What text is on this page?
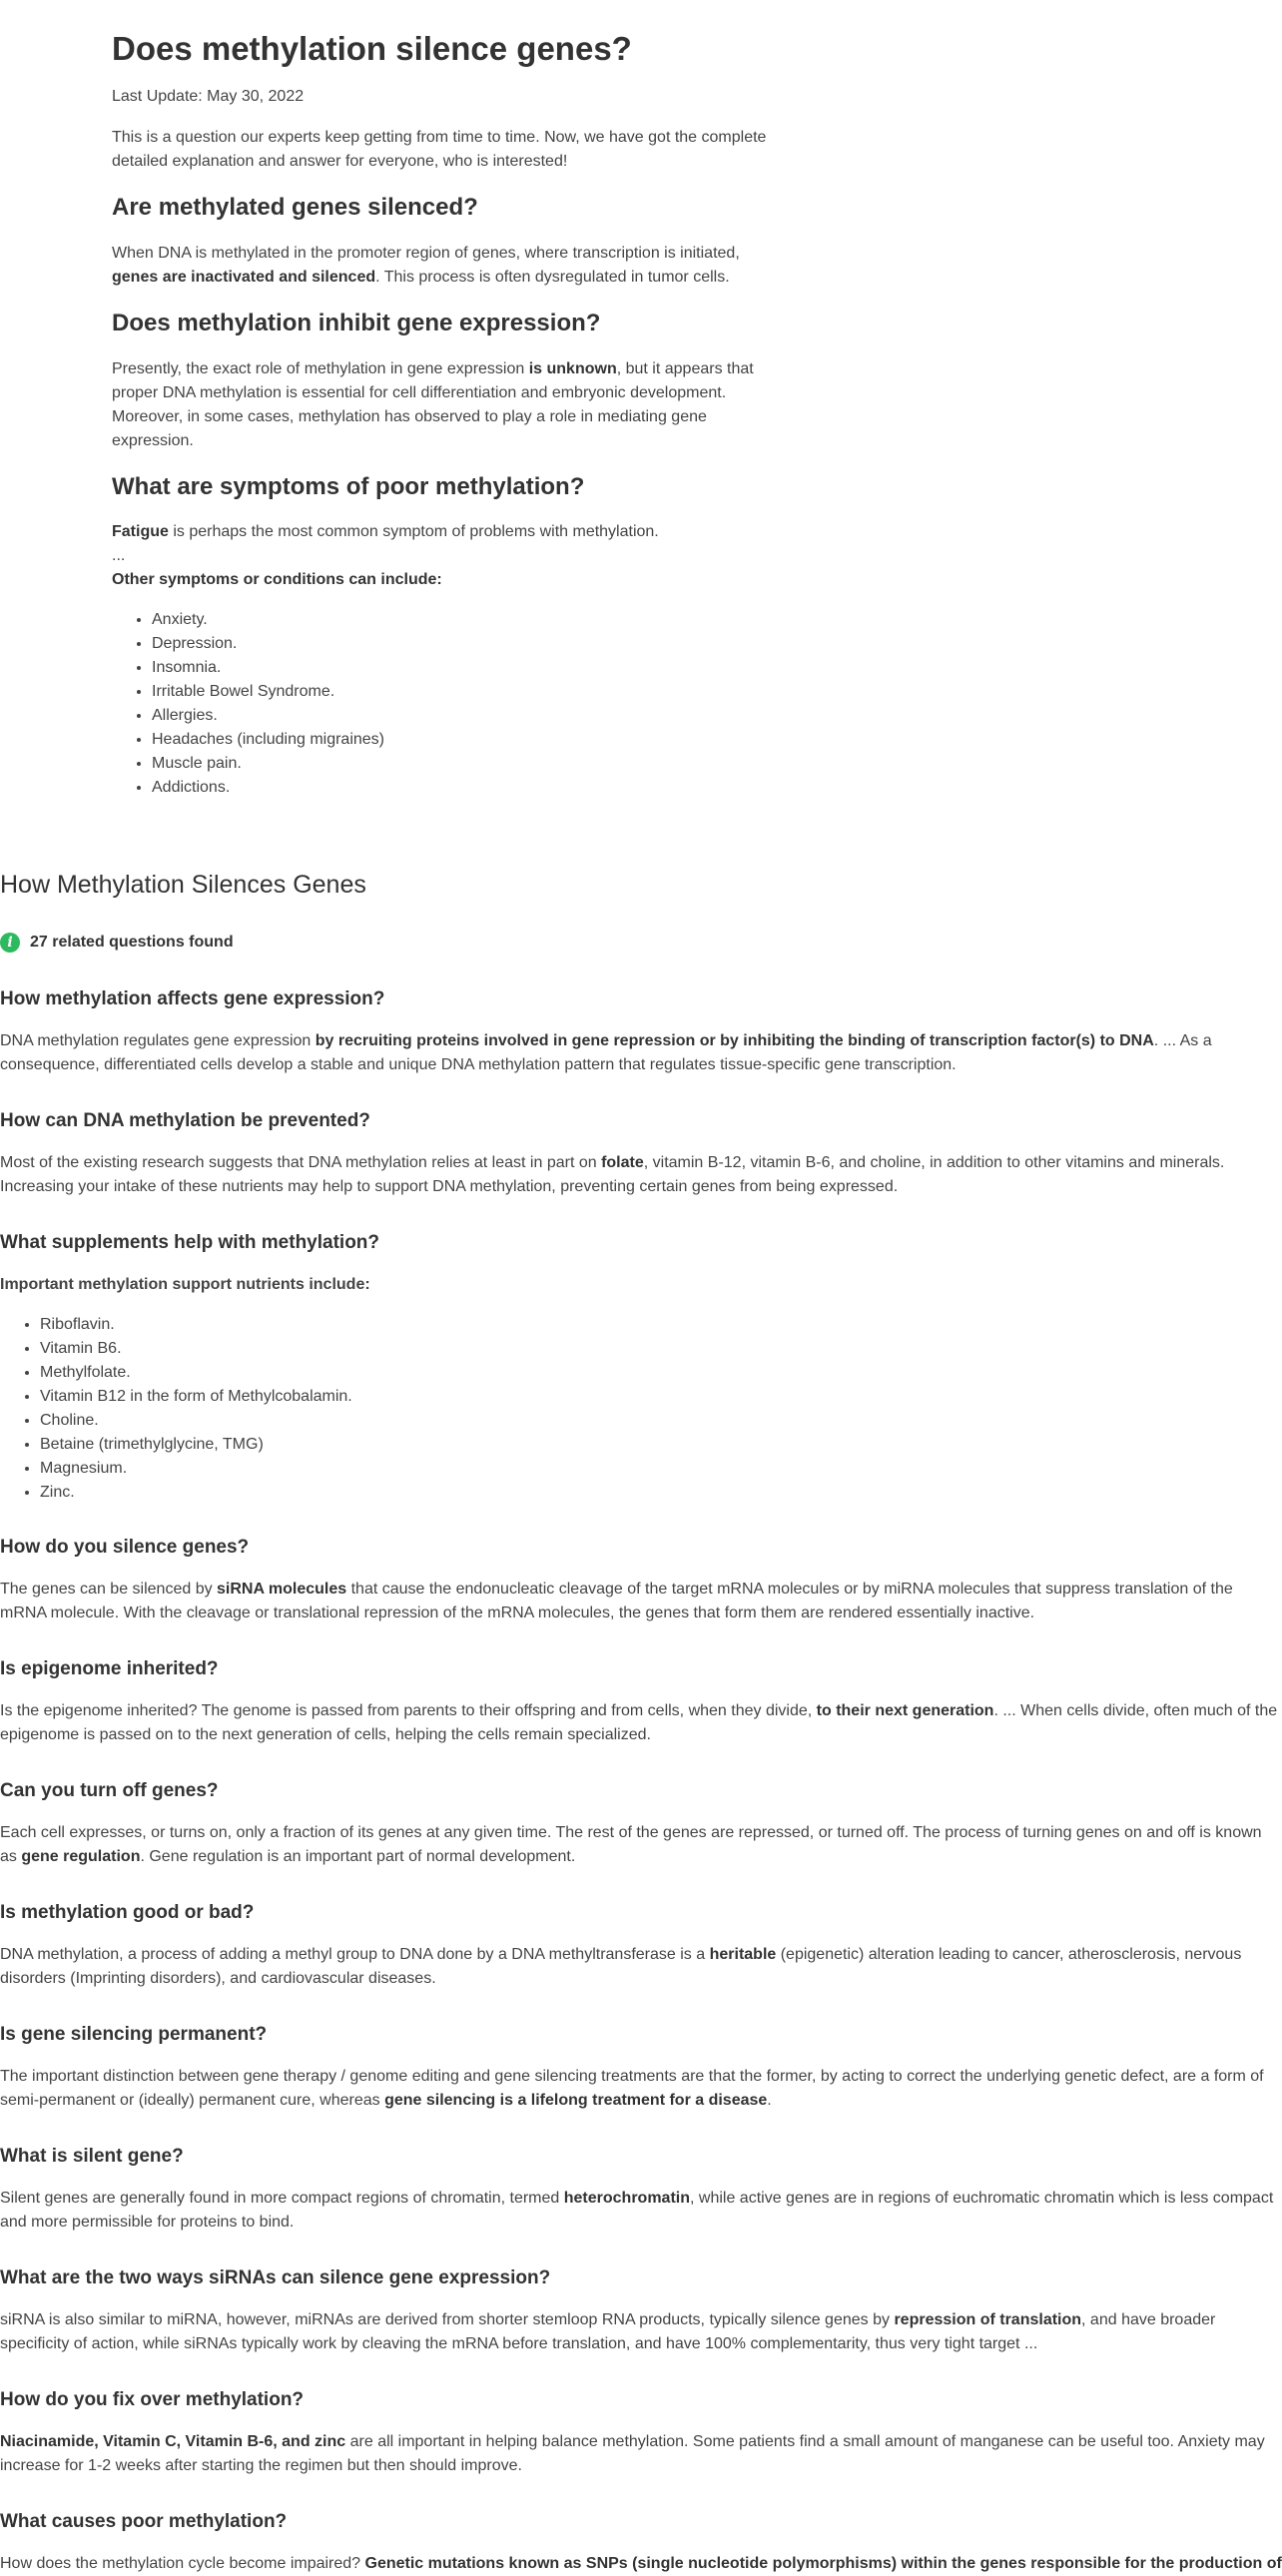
Does methylation silence genes?
Last Update: May 30, 2022

This is a question our experts keep getting from time to time. Now, we have got the complete detailed explanation and answer for everyone, who is interested!

Are methylated genes silenced?

When DNA is methylated in the promoter region of genes, where transcription is initiated, genes are inactivated and silenced. This process is often dysregulated in tumor cells.

Does methylation inhibit gene expression?

Presently, the exact role of methylation in gene expression is unknown, but it appears that proper DNA methylation is essential for cell differentiation and embryonic development. Moreover, in some cases, methylation has observed to play a role in mediating gene expression.

What are symptoms of poor methylation?

Fatigue is perhaps the most common symptom of problems with methylation.

...

Other symptoms or conditions can include:

• Anxiety.
• Depression.
• Insomnia.
• Irritable Bowel Syndrome.
• Allergies.
• Headaches (including migraines)
• Muscle pain.
• Addictions.
How Methylation Silences Genes
i	27 related questions found
How methylation affects gene expression?

DNA methylation regulates gene expression by recruiting proteins involved in gene repression or by inhibiting the binding of transcription factor(s) to DNA. ... As a consequence, differentiated cells develop a stable and unique DNA methylation pattern that regulates tissue-specific gene transcription.

How can DNA methylation be prevented?

Most of the existing research suggests that DNA methylation relies at least in part on folate, vitamin B-12, vitamin B-6, and choline, in addition to other vitamins and minerals. Increasing your intake of these nutrients may help to support DNA methylation, preventing certain genes from being expressed.

What supplements help with methylation?

Important methylation support nutrients include:

• Riboflavin.
• Vitamin B6.
• Methylfolate.
• Vitamin B12 in the form of Methylcobalamin.
• Choline.
• Betaine (trimethylglycine, TMG)
• Magnesium.
• Zinc.
How do you silence genes?

The genes can be silenced by siRNA molecules that cause the endonucleatic cleavage of the target mRNA molecules or by miRNA molecules that suppress translation of the mRNA molecule. With the cleavage or translational repression of the mRNA molecules, the genes that form them are rendered essentially inactive.

Is epigenome inherited?

Is the epigenome inherited? The genome is passed from parents to their offspring and from cells, when they divide, to their next generation. ... When cells divide, often much of the epigenome is passed on to the next generation of cells, helping the cells remain specialized.

Can you turn off genes?

Each cell expresses, or turns on, only a fraction of its genes at any given time. The rest of the genes are repressed, or turned off. The process of turning genes on and off is known as gene regulation. Gene regulation is an important part of normal development.

Is methylation good or bad?

DNA methylation, a process of adding a methyl group to DNA done by a DNA methyltransferase is a heritable (epigenetic) alteration leading to cancer, atherosclerosis, nervous disorders (Imprinting disorders), and cardiovascular diseases.

Is gene silencing permanent?

The important distinction between gene therapy / genome editing and gene silencing treatments are that the former, by acting to correct the underlying genetic defect, are a form of semi-permanent or (ideally) permanent cure, whereas gene silencing is a lifelong treatment for a disease.

What is silent gene?

Silent genes are generally found in more compact regions of chromatin, termed heterochromatin, while active genes are in regions of euchromatic chromatin which is less compact and more permissible for proteins to bind.

What are the two ways siRNAs can silence gene expression?

siRNA is also similar to miRNA, however, miRNAs are derived from shorter stemloop RNA products, typically silence genes by repression of translation, and have broader specificity of action, while siRNAs typically work by cleaving the mRNA before translation, and have 100% complementarity, thus very tight target ...

How do you fix over methylation?

Niacinamide, Vitamin C, Vitamin B-6, and zinc are all important in helping balance methylation. Some patients find a small amount of manganese can be useful too. Anxiety may increase for 1-2 weeks after starting the regimen but then should improve.

What causes poor methylation?

How does the methylation cycle become impaired? Genetic mutations known as SNPs (single nucleotide polymorphisms) within the genes responsible for the production of
